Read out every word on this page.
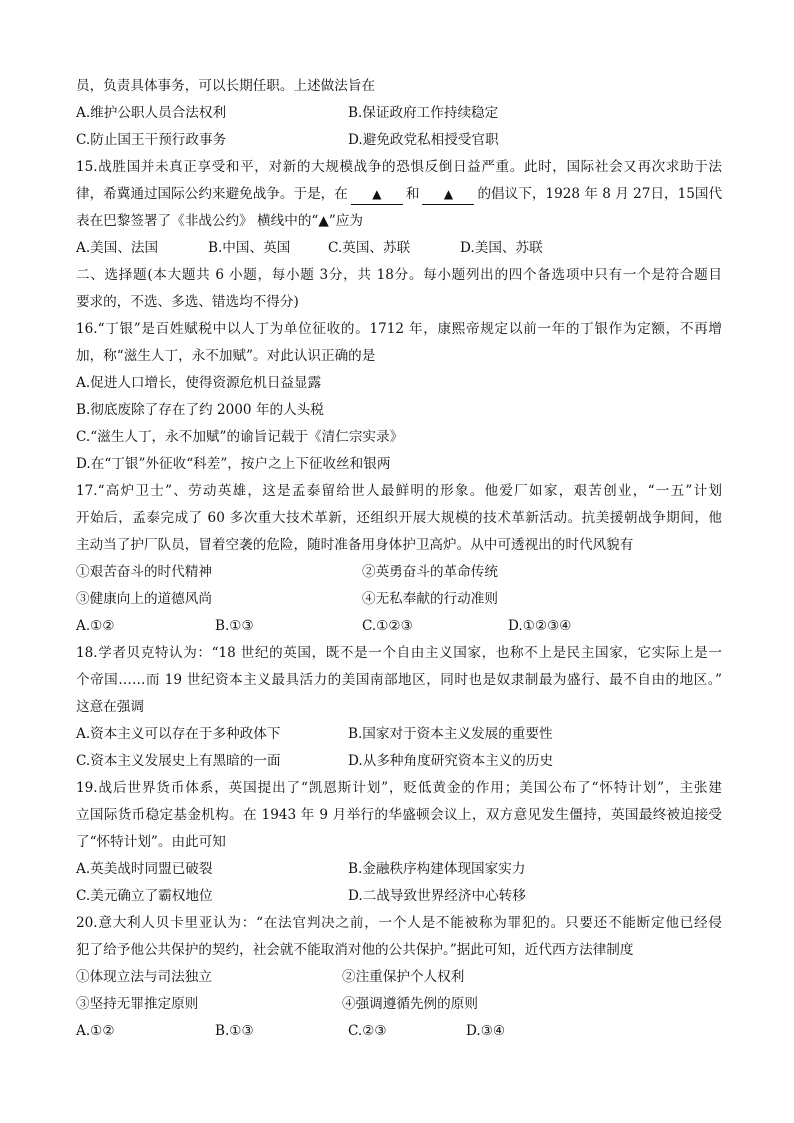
员，负责具体事务，可以长期任职。上述做法旨在
A.维护公职人员合法权利	B.保证政府工作持续稳定
C.防止国王干预行政事务	D.避免政党私相授受官职
15.战胜国并未真正享受和平，对新的大规模战争的恐惧反倒日益严重。此时，国际社会又再次求助于法
律，希冀通过国际公约来避免战争。于是，在 ▲ 和 ▲ 的倡议下，1928 年 8 月 27日，15国代
表在巴黎签署了《非战公约》 横线中的“▲”应为
A.美国、法国	B.中国、英国	C.英国、苏联	D.美国、苏联
二、选择题(本大题共 6 小题，每小题 3分，共 18分。每小题列出的四个备选项中只有一个是符合题目
要求的，不选、多选、错选均不得分)
16.“丁银”是百姓赋税中以人丁为单位征收的。1712 年，康熙帝规定以前一年的丁银作为定额，不再增
加，称“滋生人丁，永不加赋”。对此认识正确的是
A.促进人口增长，使得资源危机日益显露
B.彻底废除了存在了约 2000 年的人头税
C.“滋生人丁，永不加赋”的谕旨记载于《清仁宗实录》
D.在“丁银”外征收“科差”，按户之上下征收丝和银两
17.“高炉卫士”、劳动英雄，这是孟泰留给世人最鲜明的形象。他爱厂如家，艰苦创业，“一五”计划
开始后，孟泰完成了 60 多次重大技术革新，还组织开展大规模的技术革新活动。抗美援朝战争期间，他
主动当了护厂队员，冒着空袭的危险，随时准备用身体护卫高炉。从中可透视出的时代风貌有
①艰苦奋斗的时代精神	②英勇奋斗的革命传统
③健康向上的道德风尚	④无私奉献的行动准则
A.①②	B.①③	C.①②③	D.①②③④
18.学者贝克特认为：“18 世纪的英国，既不是一个自由主义国家，也称不上是民主国家，它实际上是一
个帝国……而 19 世纪资本主义最具活力的美国南部地区，同时也是奴隶制最为盛行、最不自由的地区。”
这意在强调
A.资本主义可以存在于多种政体下	B.国家对于资本主义发展的重要性
C.资本主义发展史上有黑暗的一面	D.从多种角度研究资本主义的历史
19.战后世界货币体系，英国提出了“凯恩斯计划”，贬低黄金的作用；美国公布了“怀特计划”，主张建
立国际货币稳定基金机构。在 1943 年 9 月举行的华盛顿会议上，双方意见发生僵持，英国最终被迫接受
了“怀特计划”。由此可知
A.英美战时同盟已破裂	B.金融秩序构建体现国家实力
C.美元确立了霸权地位	D.二战导致世界经济中心转移
20.意大利人贝卡里亚认为：“在法官判决之前，一个人是不能被称为罪犯的。只要还不能断定他已经侵
犯了给予他公共保护的契约，社会就不能取消对他的公共保护。”据此可知，近代西方法律制度
①体现立法与司法独立	②注重保护个人权利
③坚持无罪推定原则	④强调遵循先例的原则
A.①②	B.①③	C.②③	D.③④
